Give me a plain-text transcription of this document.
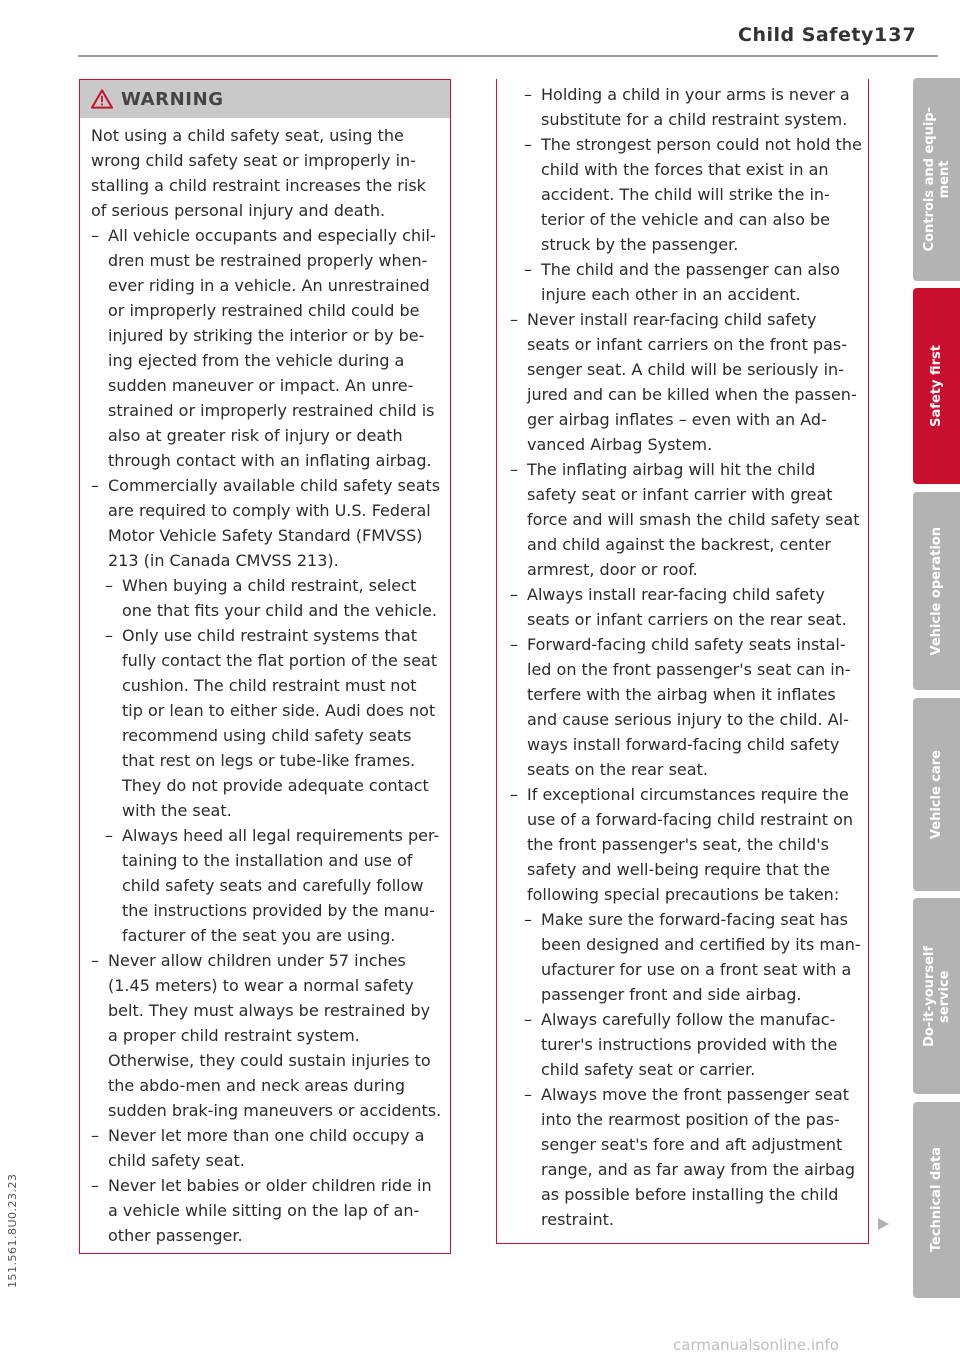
Child Safety 137
WARNING

Not using a child safety seat, using the wrong child safety seat or improperly in-stalling a child restraint increases the risk of serious personal injury and death.

– All vehicle occupants and especially chil-dren must be restrained properly when-ever riding in a vehicle. An unrestrained or improperly restrained child could be injured by striking the interior or by be-ing ejected from the vehicle during a sudden maneuver or impact. An unre-strained or improperly restrained child is also at greater risk of injury or death through contact with an inflating airbag.
– Commercially available child safety seats are required to comply with U.S. Federal Motor Vehicle Safety Standard (FMVSS) 213 (in Canada CMVSS 213).
– When buying a child restraint, select one that fits your child and the vehicle.
– Only use child restraint systems that fully contact the flat portion of the seat cushion. The child restraint must not tip or lean to either side. Audi does not recommend using child safety seats that rest on legs or tube-like frames. They do not provide adequate contact with the seat.
– Always heed all legal requirements per-taining to the installation and use of child safety seats and carefully follow the instructions provided by the manu-facturer of the seat you are using.
– Never allow children under 57 inches (1.45 meters) to wear a normal safety belt. They must always be restrained by a proper child restraint system. Otherwise, they could sustain injuries to the abdo-men and neck areas during sudden brak-ing maneuvers or accidents.
– Never let more than one child occupy a child safety seat.
– Never let babies or older children ride in a vehicle while sitting on the lap of an-other passenger.
– Holding a child in your arms is never a substitute for a child restraint system.
– The strongest person could not hold the child with the forces that exist in an accident. The child will strike the in-terior of the vehicle and can also be struck by the passenger.
– The child and the passenger can also injure each other in an accident.
– Never install rear-facing child safety seats or infant carriers on the front pas-senger seat. A child will be seriously in-jured and can be killed when the passen-ger airbag inflates – even with an Ad-vanced Airbag System.
– The inflating airbag will hit the child safety seat or infant carrier with great force and will smash the child safety seat and child against the backrest, center armrest, door or roof.
– Always install rear-facing child safety seats or infant carriers on the rear seat.
– Forward-facing child safety seats instal-led on the front passenger's seat can in-terfere with the airbag when it inflates and cause serious injury to the child. Al-ways install forward-facing child safety seats on the rear seat.
– If exceptional circumstances require the use of a forward-facing child restraint on the front passenger's seat, the child's safety and well-being require that the following special precautions be taken:
– Make sure the forward-facing seat has been designed and certified by its man-ufacturer for use on a front seat with a passenger front and side airbag.
– Always carefully follow the manufac-turer's instructions provided with the child safety seat or carrier.
– Always move the front passenger seat into the rearmost position of the pas-senger seat's fore and aft adjustment range, and as far away from the airbag as possible before installing the child restraint.
Controls and equip-
ment
Safety first
Vehicle operation
Vehicle care
Do-it-yourself
service
Technical data
151.561.8U0.23.23
carmanualsonline.info
